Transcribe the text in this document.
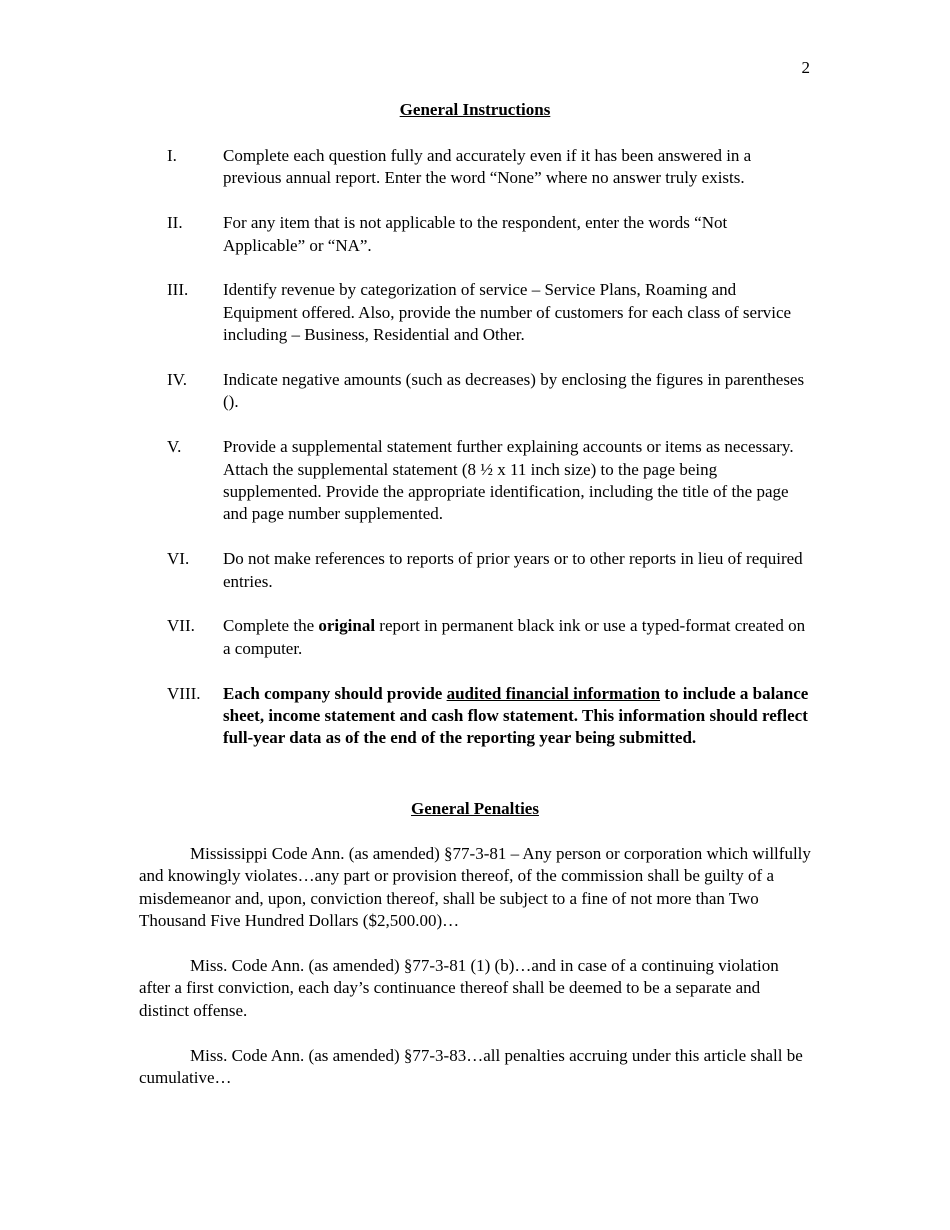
2
General Instructions
I.	Complete each question fully and accurately even if it has been answered in a previous annual report. Enter the word “None” where no answer truly exists.
II.	For any item that is not applicable to the respondent, enter the words “Not Applicable” or “NA”.
III.	Identify revenue by categorization of service – Service Plans, Roaming and Equipment offered. Also, provide the number of customers for each class of service including – Business, Residential and Other.
IV.	Indicate negative amounts (such as decreases) by enclosing the figures in parentheses ().
V.	Provide a supplemental statement further explaining accounts or items as necessary. Attach the supplemental statement (8 ½ x 11 inch size) to the page being supplemented. Provide the appropriate identification, including the title of the page and page number supplemented.
VI.	Do not make references to reports of prior years or to other reports in lieu of required entries.
VII.	Complete the original report in permanent black ink or use a typed-format created on a computer.
VIII.	Each company should provide audited financial information to include a balance sheet, income statement and cash flow statement. This information should reflect full-year data as of the end of the reporting year being submitted.
General Penalties

Mississippi Code Ann. (as amended) §77-3-81 – Any person or corporation which willfully and knowingly violates…any part or provision thereof, of the commission shall be guilty of a misdemeanor and, upon, conviction thereof, shall be subject to a fine of not more than Two Thousand Five Hundred Dollars ($2,500.00)…

Miss. Code Ann. (as amended) §77-3-81 (1) (b)…and in case of a continuing violation after a first conviction, each day’s continuance thereof shall be deemed to be a separate and distinct offense.

Miss. Code Ann. (as amended) §77-3-83…all penalties accruing under this article shall be cumulative…
